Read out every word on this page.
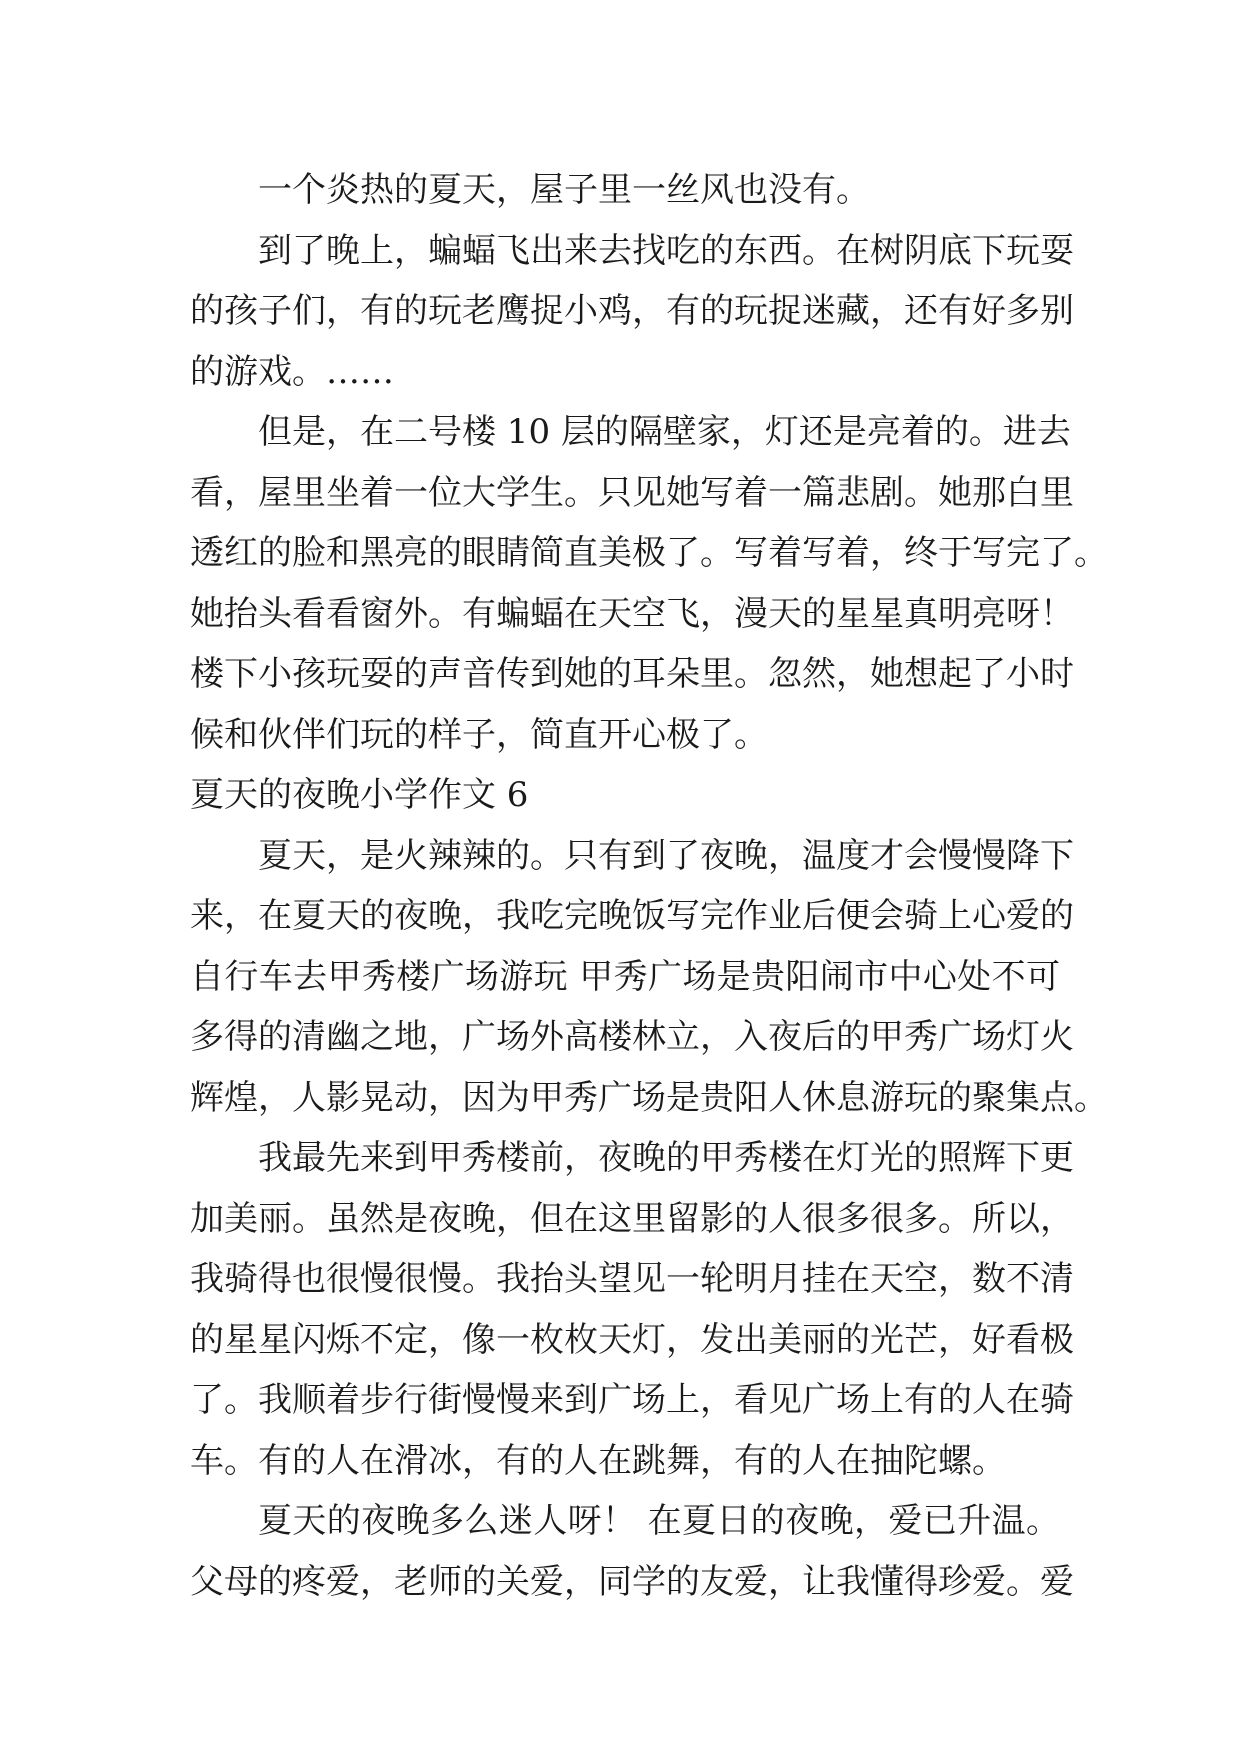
一个炎热的夏天，屋子里一丝风也没有。
到了晚上，蝙蝠飞出来去找吃的东西。在树阴底下玩耍
的孩子们，有的玩老鹰捉小鸡，有的玩捉迷藏，还有好多别
的游戏。……
但是，在二号楼 10 层的隔壁家，灯还是亮着的。进去
看，屋里坐着一位大学生。只见她写着一篇悲剧。她那白里
透红的脸和黑亮的眼睛简直美极了。写着写着，终于写完了。
她抬头看看窗外。有蝙蝠在天空飞，漫天的星星真明亮呀！
楼下小孩玩耍的声音传到她的耳朵里。忽然，她想起了小时
候和伙伴们玩的样子，简直开心极了。
夏天的夜晚小学作文 6
夏天，是火辣辣的。只有到了夜晚，温度才会慢慢降下
来，在夏天的夜晚，我吃完晚饭写完作业后便会骑上心爱的
自行车去甲秀楼广场游玩 甲秀广场是贵阳闹市中心处不可
多得的清幽之地，广场外高楼林立，入夜后的甲秀广场灯火
辉煌，人影晃动，因为甲秀广场是贵阳人休息游玩的聚集点。
我最先来到甲秀楼前，夜晚的甲秀楼在灯光的照辉下更
加美丽。虽然是夜晚，但在这里留影的人很多很多。所以，
我骑得也很慢很慢。我抬头望见一轮明月挂在天空，数不清
的星星闪烁不定，像一枚枚天灯，发出美丽的光芒，好看极
了。我顺着步行街慢慢来到广场上，看见广场上有的人在骑
车。有的人在滑冰，有的人在跳舞，有的人在抽陀螺。
夏天的夜晚多么迷人呀！ 在夏日的夜晚，爱已升温。
父母的疼爱，老师的关爱，同学的友爱，让我懂得珍爱。爱
